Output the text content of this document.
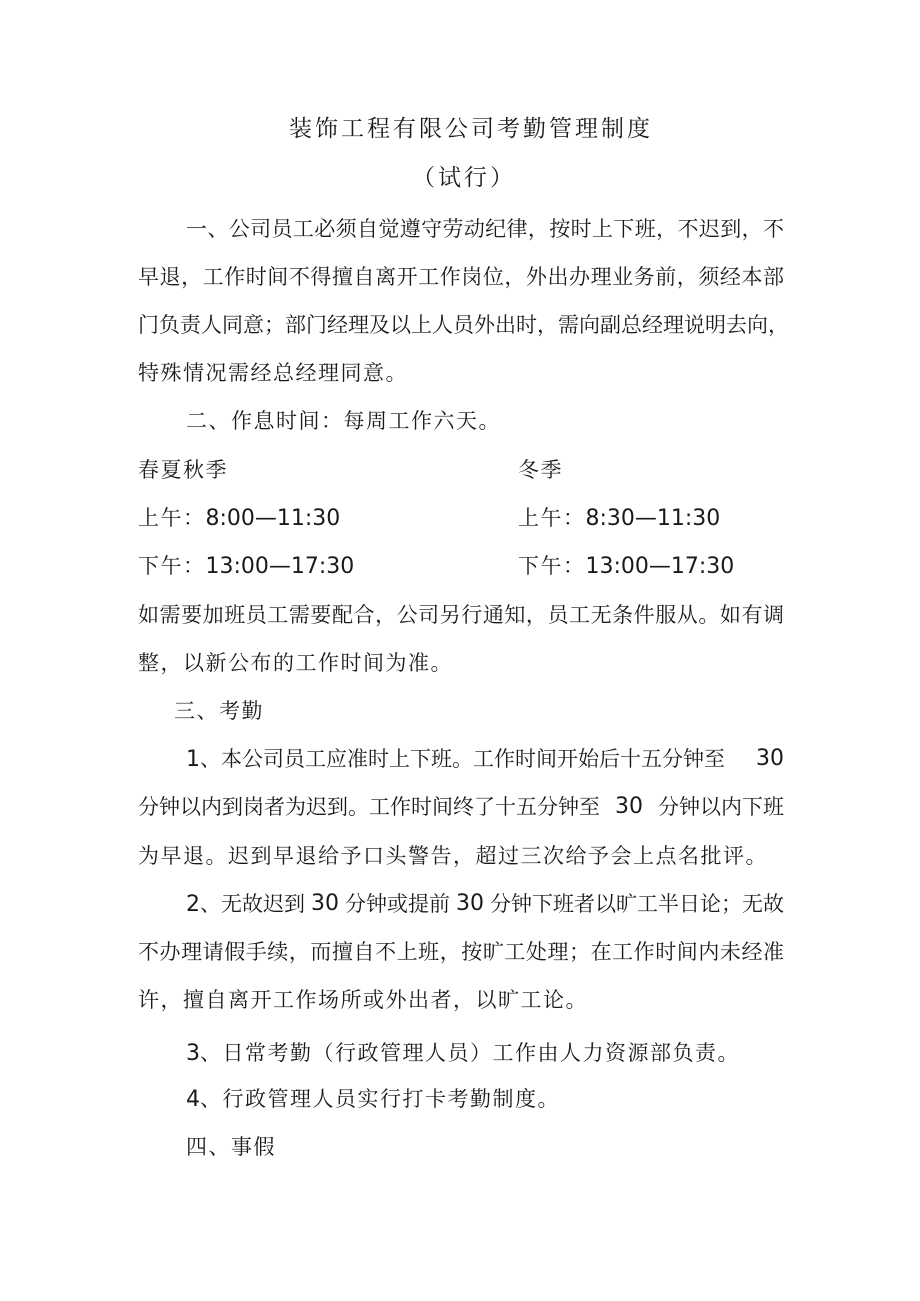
装饰工程有限公司考勤管理制度
（试行）
一、公司员工必须自觉遵守劳动纪律，按时上下班，不迟到，不
早退，工作时间不得擅自离开工作岗位，外出办理业务前，须经本部
门负责人同意；部门经理及以上人员外出时，需向副总经理说明去向，
特殊情况需经总经理同意。
二、作息时间：每周工作六天。
春夏秋季	冬季
上午：8:00—11:30	上午：8:30—11:30
下午：13:00—17:30	下午：13:00—17:30
如需要加班员工需要配合，公司另行通知，员工无条件服从。如有调
整，以新公布的工作时间为准。
三、考勤
1、本公司员工应准时上下班。工作时间开始后十五分钟至 30
分钟以内到岗者为迟到。工作时间终了十五分钟至 30 分钟以内下班
为早退。迟到早退给予口头警告，超过三次给予会上点名批评。
2、无故迟到 30 分钟或提前 30 分钟下班者以旷工半日论；无故
不办理请假手续，而擅自不上班，按旷工处理；在工作时间内未经准
许，擅自离开工作场所或外出者，以旷工论。
3、日常考勤（行政管理人员）工作由人力资源部负责。
4、行政管理人员实行打卡考勤制度。
四、事假
